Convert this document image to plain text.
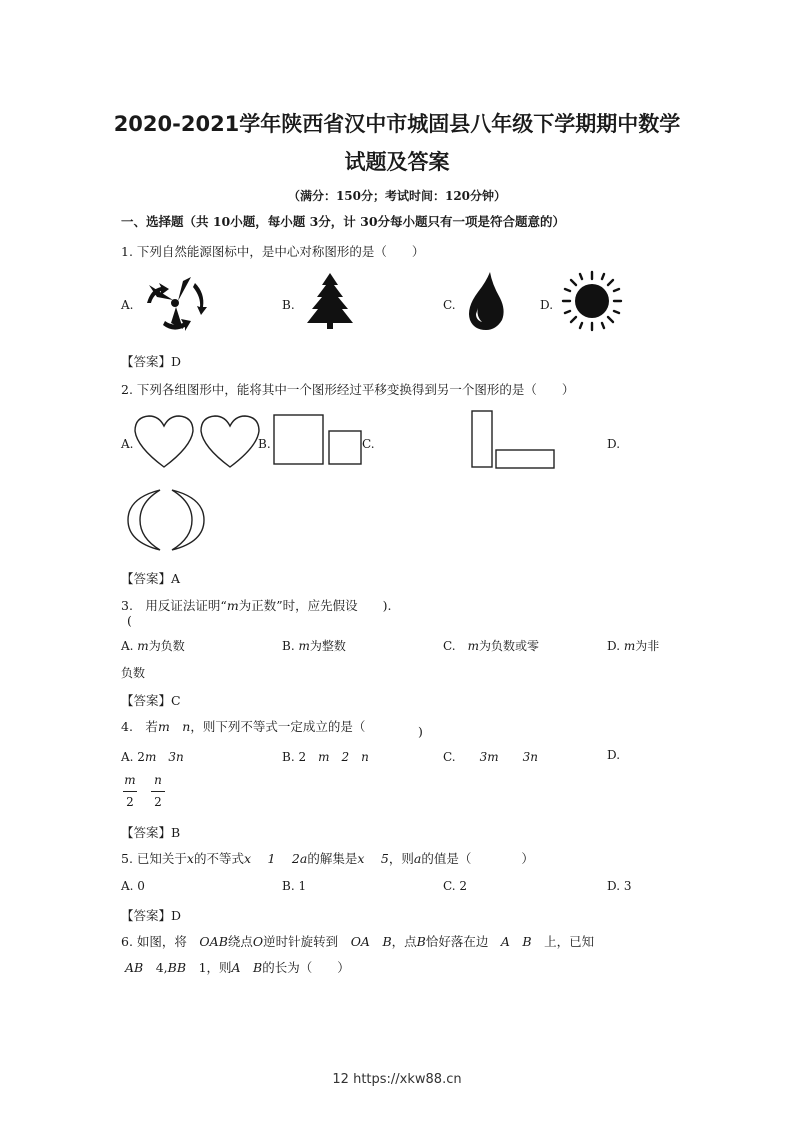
2020-2021学年陕西省汉中市城固县八年级下学期期中数学
试题及答案
（满分：150分；考试时间：120分钟）
一、选择题（共 10小题，每小题 3分，计 30分每小题只有一项是符合题意的）
1. 下列自然能源图标中，是中心对称图形的是（　　）
A.	B.	C.	D.
【答案】D
2. 下列各组图形中，能将其中一个图形经过平移变换得到另一个图形的是（　　）
A.	B.	C.	D.
【答案】A
3.　用反证法证明“m为正数”时，应先假设　　).
(
A. m为负数	B. m为整数	C.　 m为负数或零	D. m为非
负数
【答案】C
4.　若m　n，则下列不等式一定成立的是（	)
A. 2m　3n	B. 2　m　2　n	C.　　 3m　　3n	D.
$\frac{m}{2} \frac{n}{2}$
【答案】B
5. 已知关于x的不等式x　 1　 2a的解集是x　 5，则a的值是（　　　　）
A. 0	B. 1	C. 2	D. 3
【答案】D
6. 如图，将　 OAB绕点O逆时针旋转到　 OA　B，点B恰好落在边　 A　B　 上，已知
AB　 4,BB　 1，则A　B的长为（　　）
12 https://xkw88.cn
